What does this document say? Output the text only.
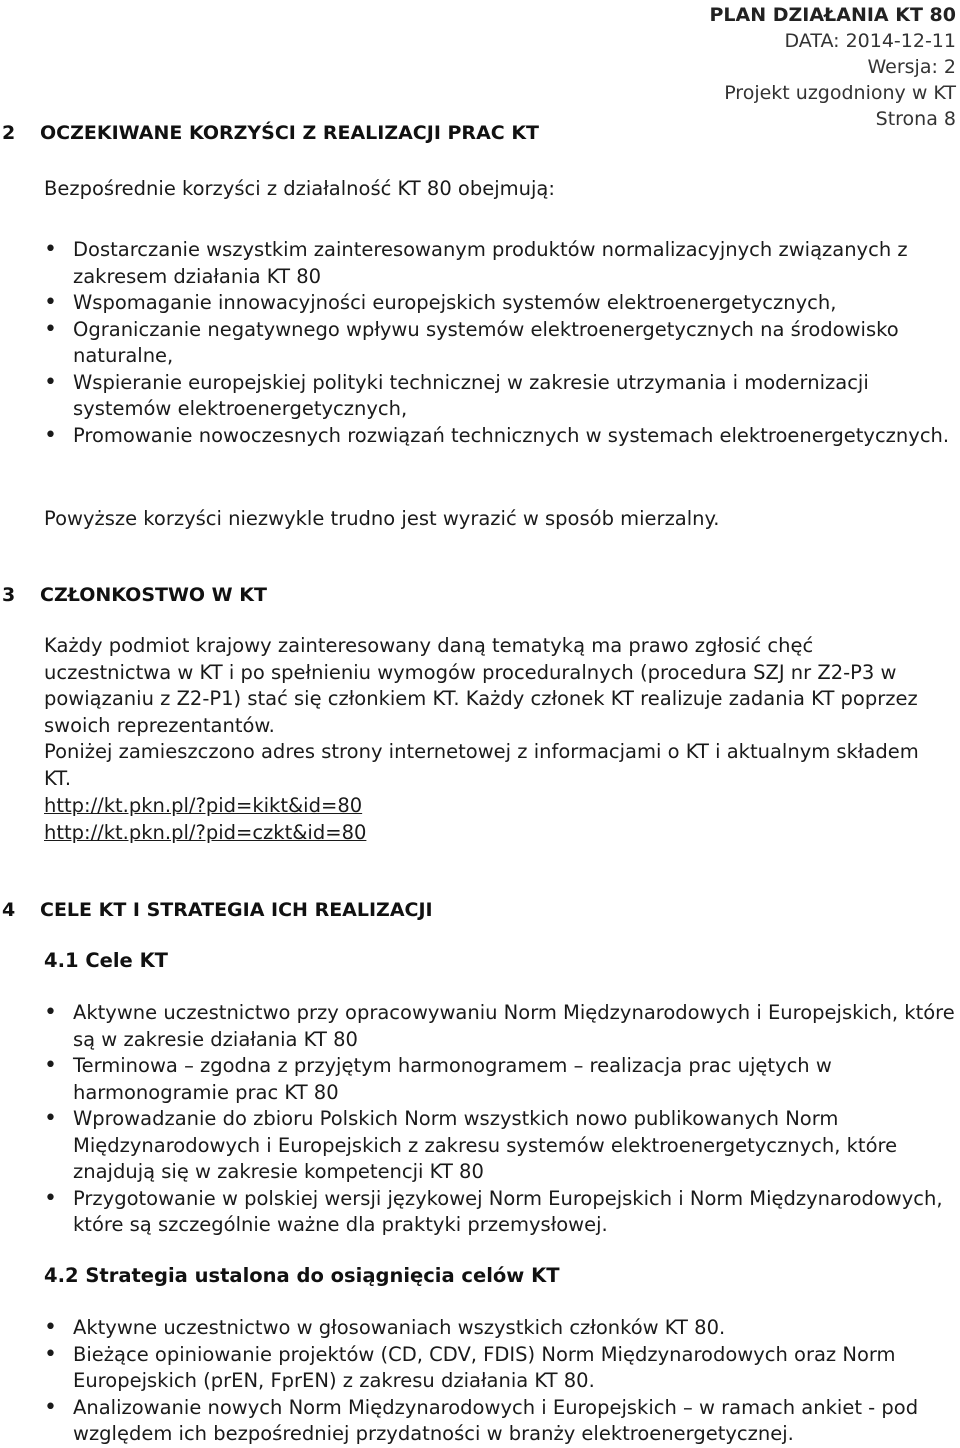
PLAN DZIAŁANIA KT 80
DATA: 2014-12-11
Wersja: 2
Projekt uzgodniony w KT
Strona 8
2 OCZEKIWANE KORZYŚCI Z REALIZACJI PRAC KT

Bezpośrednie korzyści z działalność KT 80 obejmują:

• Dostarczanie wszystkim zainteresowanym produktów normalizacyjnych związanych z zakresem działania KT 80
• Wspomaganie innowacyjności europejskich systemów elektroenergetycznych,
• Ograniczanie negatywnego wpływu systemów elektroenergetycznych na środowisko naturalne,
• Wspieranie europejskiej polityki technicznej w zakresie utrzymania i modernizacji systemów elektroenergetycznych,
• Promowanie nowoczesnych rozwiązań technicznych w systemach elektroenergetycznych.

Powyższe korzyści niezwykle trudno jest wyrazić w sposób mierzalny.

3 CZŁONKOSTWO W KT

Każdy podmiot krajowy zainteresowany daną tematyką ma prawo zgłosić chęć uczestnictwa w KT i po spełnieniu wymogów proceduralnych (procedura SZJ nr Z2-P3 w powiązaniu z Z2-P1) stać się członkiem KT. Każdy członek KT realizuje zadania KT poprzez swoich reprezentantów.

Poniżej zamieszczono adres strony internetowej z informacjami o KT i aktualnym składem KT.

http://kt.pkn.pl/?pid=kikt&id=80
http://kt.pkn.pl/?pid=czkt&id=80
4 CELE KT I STRATEGIA ICH REALIZACJI
4.1 Cele KT
• Aktywne uczestnictwo przy opracowywaniu Norm Międzynarodowych i Europejskich, które są w zakresie działania KT 80
• Terminowa – zgodna z przyjętym harmonogramem – realizacja prac ujętych w harmonogramie prac KT 80
• Wprowadzanie do zbioru Polskich Norm wszystkich nowo publikowanych Norm Międzynarodowych i Europejskich z zakresu systemów elektroenergetycznych, które znajdują się w zakresie kompetencji KT 80
• Przygotowanie w polskiej wersji językowej Norm Europejskich i Norm Międzynarodowych, które są szczególnie ważne dla praktyki przemysłowej.
4.2 Strategia ustalona do osiągnięcia celów KT
• Aktywne uczestnictwo w głosowaniach wszystkich członków KT 80.
• Bieżące opiniowanie projektów (CD, CDV, FDIS) Norm Międzynarodowych oraz Norm Europejskich (prEN, FprEN) z zakresu działania KT 80.
• Analizowanie nowych Norm Międzynarodowych i Europejskich – w ramach ankiet - pod względem ich bezpośredniej przydatności w branży elektroenergetycznej.
